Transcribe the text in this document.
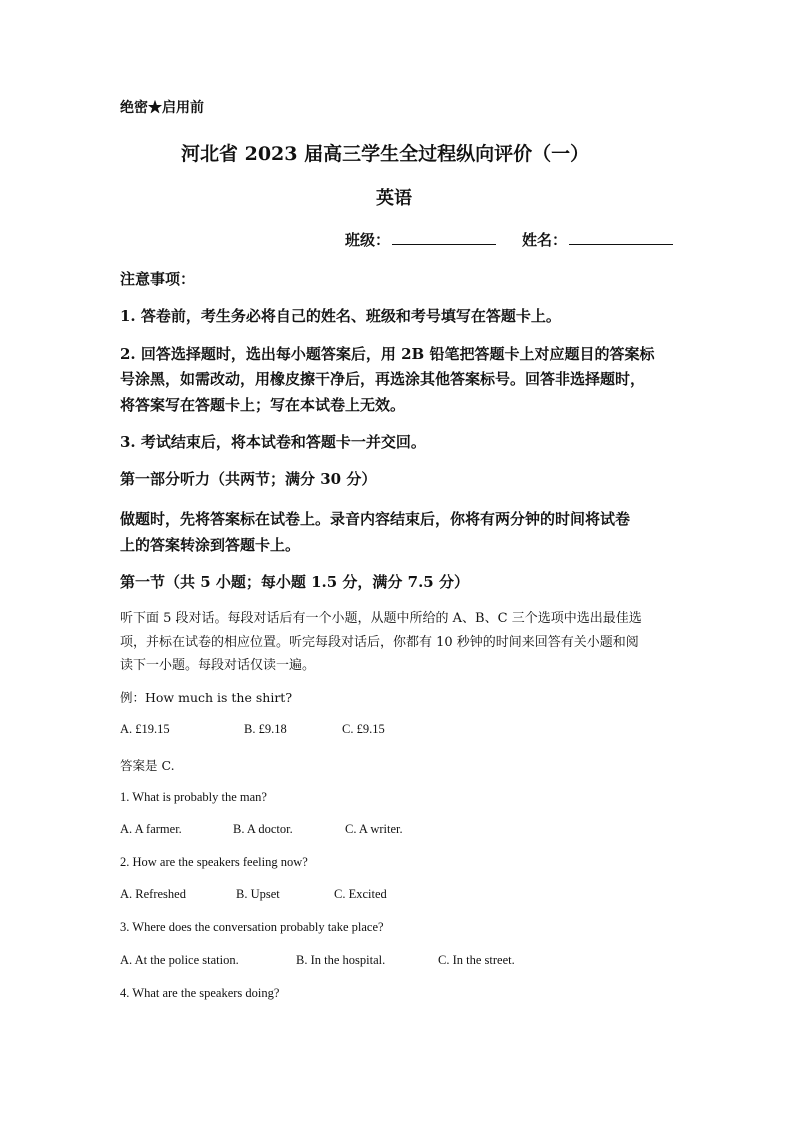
绝密★启用前
河北省 2023 届高三学生全过程纵向评价（一）
英语
班级：	姓名：
注意事项：
1. 答卷前，考生务必将自己的姓名、班级和考号填写在答题卡上。
2. 回答选择题时，选出每小题答案后，用 2B 铅笔把答题卡上对应题目的答案标
号涂黑，如需改动，用橡皮擦干净后，再选涂其他答案标号。回答非选择题时，
将答案写在答题卡上；写在本试卷上无效。
3. 考试结束后，将本试卷和答题卡一并交回。
第一部分听力（共两节；满分 30 分）
做题时，先将答案标在试卷上。录音内容结束后，你将有两分钟的时间将试卷
上的答案转涂到答题卡上。
第一节（共 5 小题；每小题 1.5 分，满分 7.5 分）
听下面 5 段对话。每段对话后有一个小题，从题中所给的 A、B、C 三个选项中选出最佳选
项，并标在试卷的相应位置。听完每段对话后，你都有 10 秒钟的时间来回答有关小题和阅
读下一小题。每段对话仅读一遍。
例：How much is the shirt?
A. £19.15	B. £9.18	C. £9.15
答案是 C.
1. What is probably the man?
A. A farmer.	B. A doctor.	C. A writer.
2. How are the speakers feeling now?
A. Refreshed	B. Upset	C. Excited
3. Where does the conversation probably take place?
A. At the police station.	B. In the hospital.	C. In the street.
4. What are the speakers doing?
